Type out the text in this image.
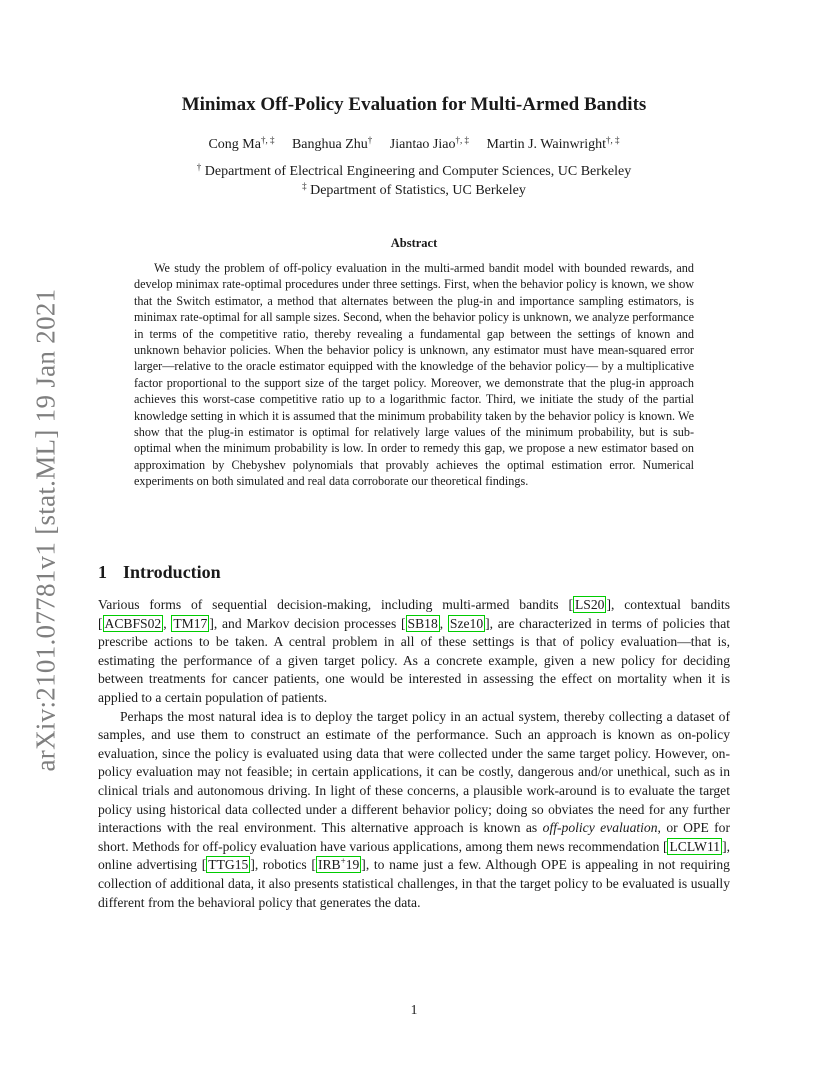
arXiv:2101.07781v1 [stat.ML] 19 Jan 2021
Minimax Off-Policy Evaluation for Multi-Armed Bandits
Cong Ma†, ‡ Banghua Zhu† Jiantao Jiao†, ‡ Martin J. Wainwright†, ‡
† Department of Electrical Engineering and Computer Sciences, UC Berkeley
‡ Department of Statistics, UC Berkeley
Abstract

We study the problem of off-policy evaluation in the multi-armed bandit model with bounded rewards, and develop minimax rate-optimal procedures under three settings. First, when the behavior policy is known, we show that the Switch estimator, a method that alternates between the plug-in and importance sampling estimators, is minimax rate-optimal for all sample sizes. Second, when the behavior policy is unknown, we analyze performance in terms of the competitive ratio, thereby revealing a fundamental gap between the settings of known and unknown behavior policies. When the behavior policy is unknown, any estimator must have mean-squared error larger—relative to the oracle estimator equipped with the knowledge of the behavior policy— by a multiplicative factor proportional to the support size of the target policy. Moreover, we demonstrate that the plug-in approach achieves this worst-case competitive ratio up to a logarithmic factor. Third, we initiate the study of the partial knowledge setting in which it is assumed that the minimum probability taken by the behavior policy is known. We show that the plug-in estimator is optimal for relatively large values of the minimum probability, but is sub-optimal when the minimum probability is low. In order to remedy this gap, we propose a new estimator based on approximation by Chebyshev polynomials that provably achieves the optimal estimation error. Numerical experiments on both simulated and real data corroborate our theoretical findings.

1 Introduction

Various forms of sequential decision-making, including multi-armed bandits [ LS20 ], contextual bandits [ ACBFS02 , TM17 ], and Markov decision processes [ SB18 , Sze10 ], are characterized in terms of policies that prescribe actions to be taken. A central problem in all of these settings is that of policy evaluation—that is, estimating the performance of a given target policy. As a concrete example, given a new policy for deciding between treatments for cancer patients, one would be interested in assessing the effect on mortality when it is applied to a certain population of patients.

Perhaps the most natural idea is to deploy the target policy in an actual system, thereby collecting a dataset of samples, and use them to construct an estimate of the performance. Such an approach is known as on-policy evaluation, since the policy is evaluated using data that were collected under the same target policy. However, on-policy evaluation may not feasible; in certain applications, it can be costly, dangerous and/or unethical, such as in clinical trials and autonomous driving. In light of these concerns, a plausible work-around is to evaluate the target policy using historical data collected under a different behavior policy; doing so obviates the need for any further interactions with the real environment. This alternative approach is known as off-policy evaluation, or OPE for short. Methods for off-policy evaluation have various applications, among them news recommendation [ LCLW11 ], online advertising [ TTG15 ], robotics [ IRB+19 ], to name just a few. Although OPE is appealing in not requiring collection of additional data, it also presents statistical challenges, in that the target policy to be evaluated is usually different from the behavioral policy that generates the data.

1
